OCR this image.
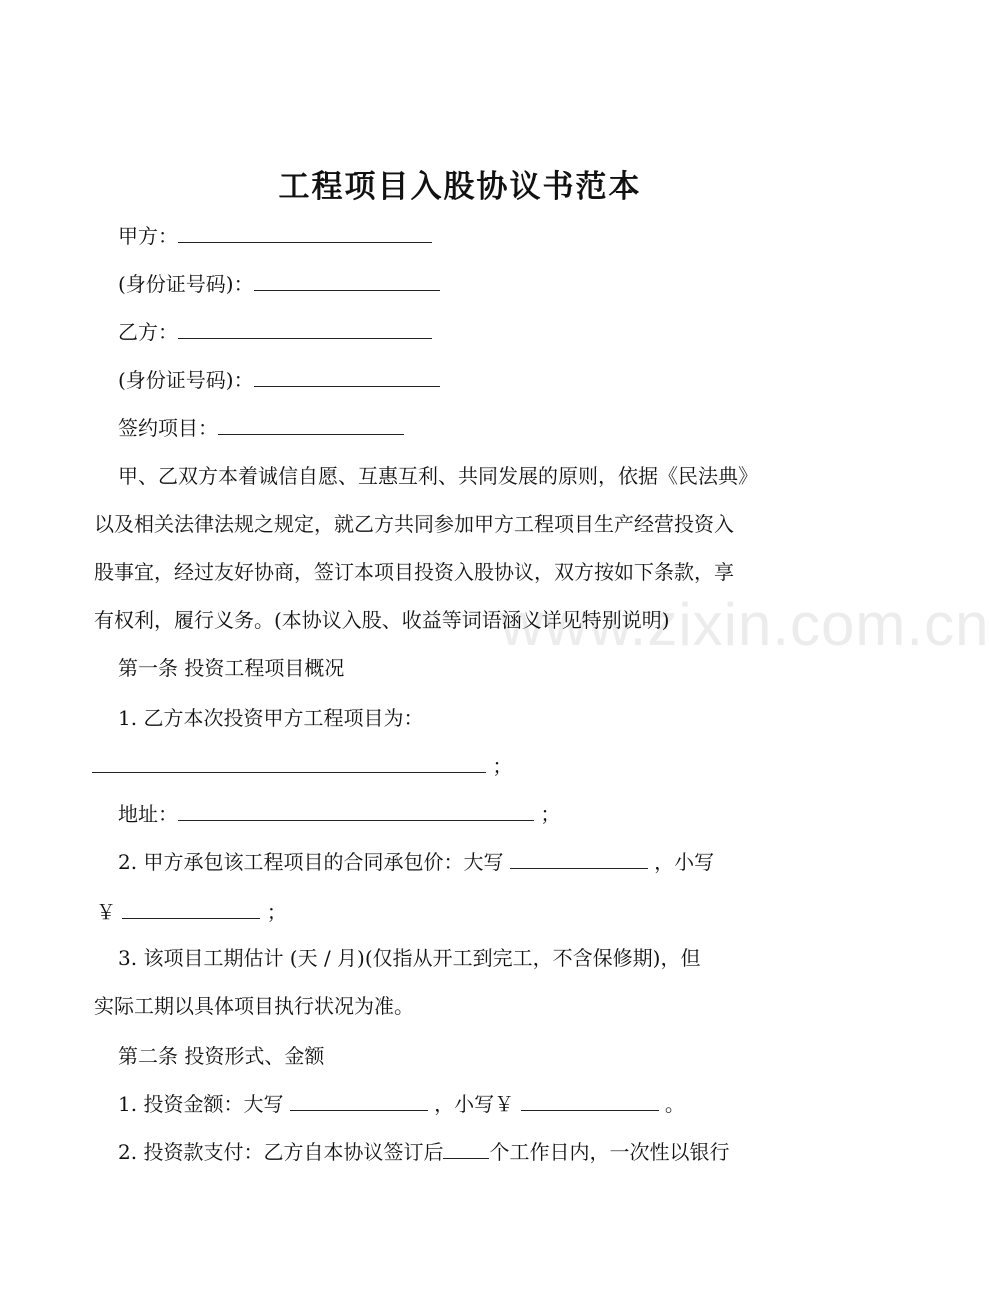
www.zixin.com.cn
工程项目入股协议书范本
甲方：
(身份证号码)：
乙方：
(身份证号码)：
签约项目：
甲、乙双方本着诚信自愿、互惠互利、共同发展的原则，依据《民法典》
以及相关法律法规之规定，就乙方共同参加甲方工程项目生产经营投资入
股事宜，经过友好协商，签订本项目投资入股协议，双方按如下条款，享
有权利，履行义务。(本协议入股、收益等词语涵义详见特别说明)
第一条 投资工程项目概况
1. 乙方本次投资甲方工程项目为：
；
地址：	；
2. 甲方承包该工程项目的合同承包价：大写	，小写
￥	；
3. 该项目工期估计 (天 / 月)(仅指从开工到完工，不含保修期)，但
实际工期以具体项目执行状况为准。
第二条 投资形式、金额
1. 投资金额：大写	，小写￥	。
2. 投资款支付：乙方自本协议签订后 个工作日内，一次性以银行
